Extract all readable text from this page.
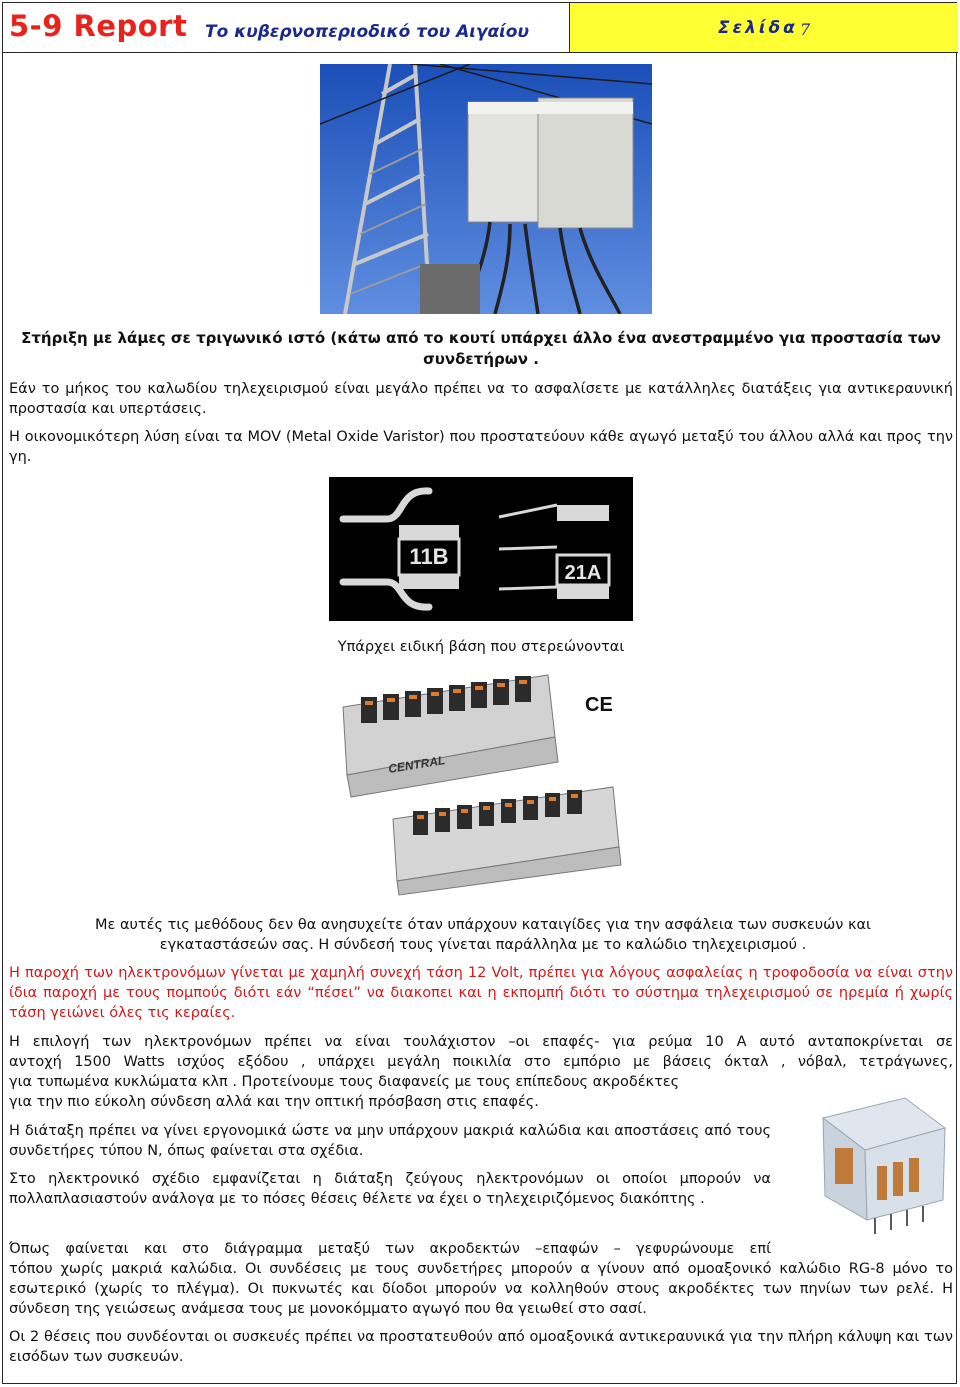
5-9 Report Το κυβερνοπεριοδικό του Αιγαίου	Σελίδα 7
Στήριξη με λάμες σε τριγωνικό ιστό (κάτω από το κουτί υπάρχει άλλο ένα ανεστραμμένο για προστασία των συνδετήρων .
Εάν το μήκος του καλωδίου τηλεχειρισμού είναι μεγάλο πρέπει να το ασφαλίσετε με κατάλληλες διατάξεις για αντικεραυνική προστασία και υπερτάσεις.
Η οικονομικότερη λύση είναι τα MOV (Metal Oxide Varistor) που προστατεύουν κάθε αγωγό μεταξύ του άλλου αλλά και προς την γη.
11B
21A
Υπάρχει ειδική βάση που στερεώνονται
CENTRAL
CE
Με αυτές τις μεθόδους δεν θα ανησυχείτε όταν υπάρχουν καταιγίδες για την ασφάλεια των συσκευών και εγκαταστάσεών σας. Η σύνδεσή τους γίνεται παράλληλα με το καλώδιο τηλεχειρισμού .
Η παροχή των ηλεκτρονόμων γίνεται με χαμηλή συνεχή τάση 12 Volt, πρέπει για λόγους ασφαλείας η τροφοδοσία να είναι στην ίδια παροχή με τους πομπούς διότι εάν “πέσει” να διακοπει και η εκπομπή διότι το σύστημα τηλεχειρισμού σε ηρεμία ή χωρίς τάση γειώνει όλες τις κεραίες.
Η επιλογή των ηλεκτρονόμων πρέπει να είναι τουλάχιστον –οι επαφές- για ρεύμα 10 A αυτό ανταποκρίνεται σε
αντοχή 1500 Watts ισχύος εξόδου , υπάρχει μεγάλη ποικιλία στο εμπόριο με βάσεις όκταλ , νόβαλ, τετράγωνες,
για τυπωμένα κυκλώματα κλπ . Προτείνουμε τους διαφανείς με τους επίπεδους ακροδέκτες
για την πιο εύκολη σύνδεση αλλά και την οπτική πρόσβαση στις επαφές.
Η διάταξη πρέπει να γίνει εργονομικά ώστε να μην υπάρχουν μακριά καλώδια και αποστάσεις από τους συνδετήρες τύπου N, όπως φαίνεται στα σχέδια.
Στο ηλεκτρονικό σχέδιο εμφανίζεται η διάταξη ζεύγους ηλεκτρονόμων οι οποίοι μπορούν να πολλαπλασιαστούν ανάλογα με το πόσες θέσεις θέλετε να έχει ο τηλεχειριζόμενος διακόπτης .
Όπως φαίνεται και στο διάγραμμα μεταξύ των ακροδεκτών –επαφών – γεφυρώνουμε επί
τόπου χωρίς μακριά καλώδια. Οι συνδέσεις με τους συνδετήρες μπορούν α γίνουν από ομοαξονικό καλώδιο RG-8 μόνο το εσωτερικό (χωρίς το πλέγμα). Οι πυκνωτές και δίοδοι μπορούν να κολληθούν στους ακροδέκτες των πηνίων των ρελέ. Η σύνδεση της γειώσεως ανάμεσα τους με μονοκόμματο αγωγό που θα γειωθεί στο σασί.
Οι 2 θέσεις που συνδέονται οι συσκευές πρέπει να προστατευθούν από ομοαξονικά αντικεραυνικά για την πλήρη κάλυψη και των εισόδων των συσκευών.
